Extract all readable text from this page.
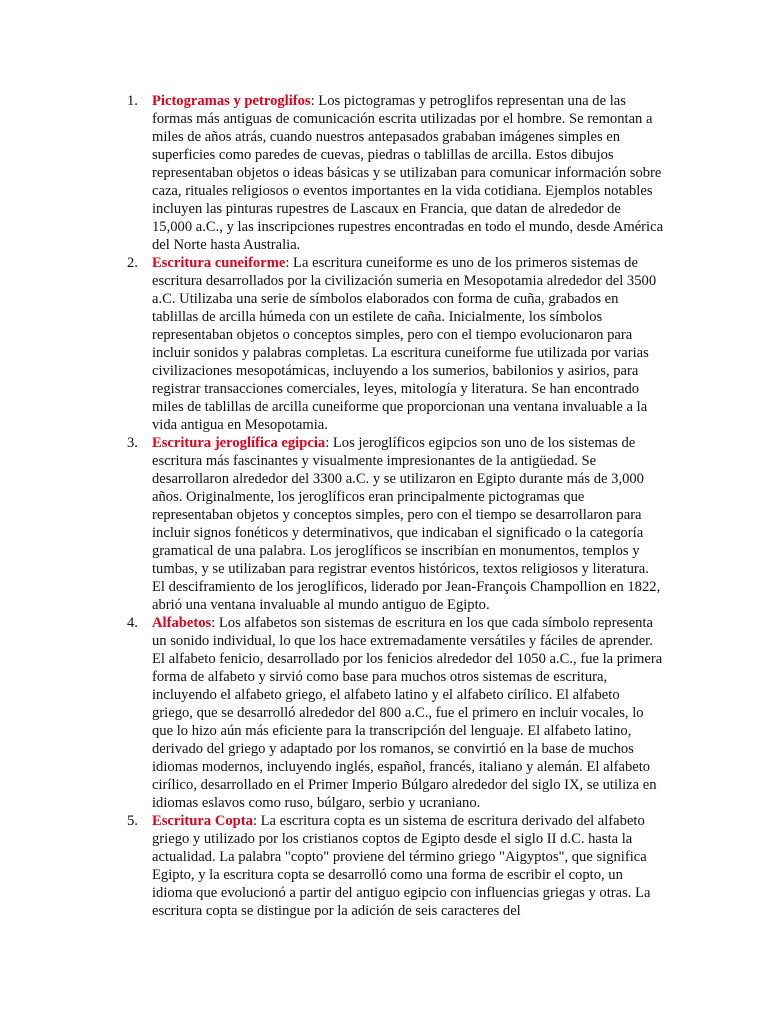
1. Pictogramas y petroglifos: Los pictogramas y petroglifos representan una de las formas más antiguas de comunicación escrita utilizadas por el hombre. Se remontan a miles de años atrás, cuando nuestros antepasados grababan imágenes simples en superficies como paredes de cuevas, piedras o tablillas de arcilla. Estos dibujos representaban objetos o ideas básicas y se utilizaban para comunicar información sobre caza, rituales religiosos o eventos importantes en la vida cotidiana. Ejemplos notables incluyen las pinturas rupestres de Lascaux en Francia, que datan de alrededor de 15,000 a.C., y las inscripciones rupestres encontradas en todo el mundo, desde América del Norte hasta Australia.
2. Escritura cuneiforme: La escritura cuneiforme es uno de los primeros sistemas de escritura desarrollados por la civilización sumeria en Mesopotamia alrededor del 3500 a.C. Utilizaba una serie de símbolos elaborados con forma de cuña, grabados en tablillas de arcilla húmeda con un estilete de caña. Inicialmente, los símbolos representaban objetos o conceptos simples, pero con el tiempo evolucionaron para incluir sonidos y palabras completas. La escritura cuneiforme fue utilizada por varias civilizaciones mesopotámicas, incluyendo a los sumerios, babilonios y asirios, para registrar transacciones comerciales, leyes, mitología y literatura. Se han encontrado miles de tablillas de arcilla cuneiforme que proporcionan una ventana invaluable a la vida antigua en Mesopotamia.
3. Escritura jeroglífica egipcia: Los jeroglíficos egipcios son uno de los sistemas de escritura más fascinantes y visualmente impresionantes de la antigüedad. Se desarrollaron alrededor del 3300 a.C. y se utilizaron en Egipto durante más de 3,000 años. Originalmente, los jeroglíficos eran principalmente pictogramas que representaban objetos y conceptos simples, pero con el tiempo se desarrollaron para incluir signos fonéticos y determinativos, que indicaban el significado o la categoría gramatical de una palabra. Los jeroglíficos se inscribían en monumentos, templos y tumbas, y se utilizaban para registrar eventos históricos, textos religiosos y literatura. El desciframiento de los jeroglíficos, liderado por Jean-François Champollion en 1822, abrió una ventana invaluable al mundo antiguo de Egipto.
4. Alfabetos: Los alfabetos son sistemas de escritura en los que cada símbolo representa un sonido individual, lo que los hace extremadamente versátiles y fáciles de aprender. El alfabeto fenicio, desarrollado por los fenicios alrededor del 1050 a.C., fue la primera forma de alfabeto y sirvió como base para muchos otros sistemas de escritura, incluyendo el alfabeto griego, el alfabeto latino y el alfabeto cirílico. El alfabeto griego, que se desarrolló alrededor del 800 a.C., fue el primero en incluir vocales, lo que lo hizo aún más eficiente para la transcripción del lenguaje. El alfabeto latino, derivado del griego y adaptado por los romanos, se convirtió en la base de muchos idiomas modernos, incluyendo inglés, español, francés, italiano y alemán. El alfabeto cirílico, desarrollado en el Primer Imperio Búlgaro alrededor del siglo IX, se utiliza en idiomas eslavos como ruso, búlgaro, serbio y ucraniano.
5. Escritura Copta: La escritura copta es un sistema de escritura derivado del alfabeto griego y utilizado por los cristianos coptos de Egipto desde el siglo II d.C. hasta la actualidad. La palabra "copto" proviene del término griego "Aigyptos", que significa Egipto, y la escritura copta se desarrolló como una forma de escribir el copto, un idioma que evolucionó a partir del antiguo egipcio con influencias griegas y otras. La escritura copta se distingue por la adición de seis caracteres del
